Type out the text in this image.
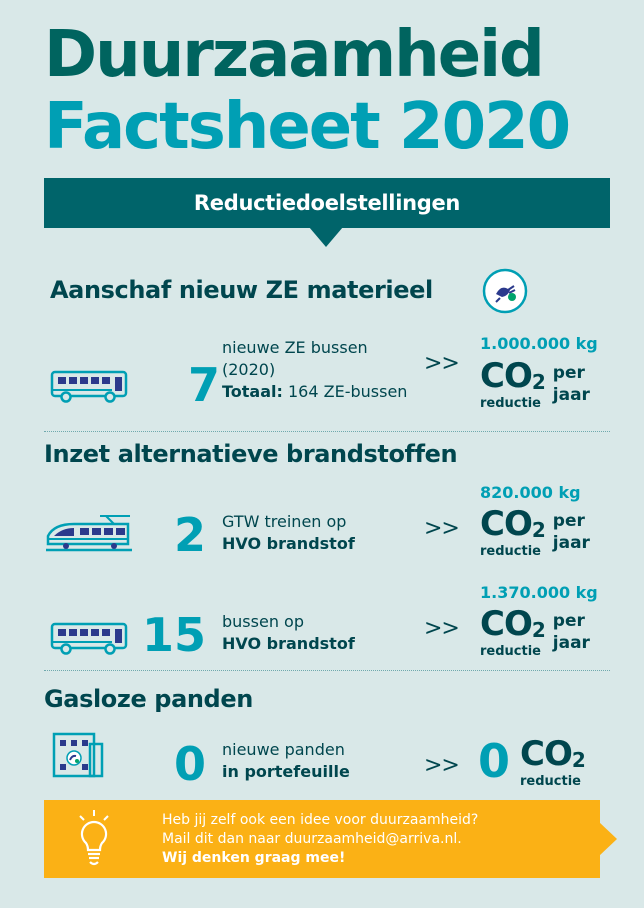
Duurzaamheid
Factsheet 2020
Reductiedoelstellingen
Aanschaf nieuw ZE materieel
7
nieuwe ZE bussen
(2020)
Totaal: 164 ZE-bussen
>>
1.000.000 kg
$CO_2$
reductie
per
jaar
Inzet alternatieve brandstoffen
2 GTW treinen op
HVO brandstof
>>
820.000 kg
$CO_2$
reductie
per
jaar
15 bussen op
HVO brandstof
>>
1.370.000 kg
$CO_2$
reductie
per
jaar
Gasloze panden
0 nieuwe panden
in portefeuille	>> 0 $CO_2$
reductie
Heb jij zelf ook een idee voor duurzaamheid?
Mail dit dan naar duurzaamheid@arriva.nl.
Wij denken graag mee!
